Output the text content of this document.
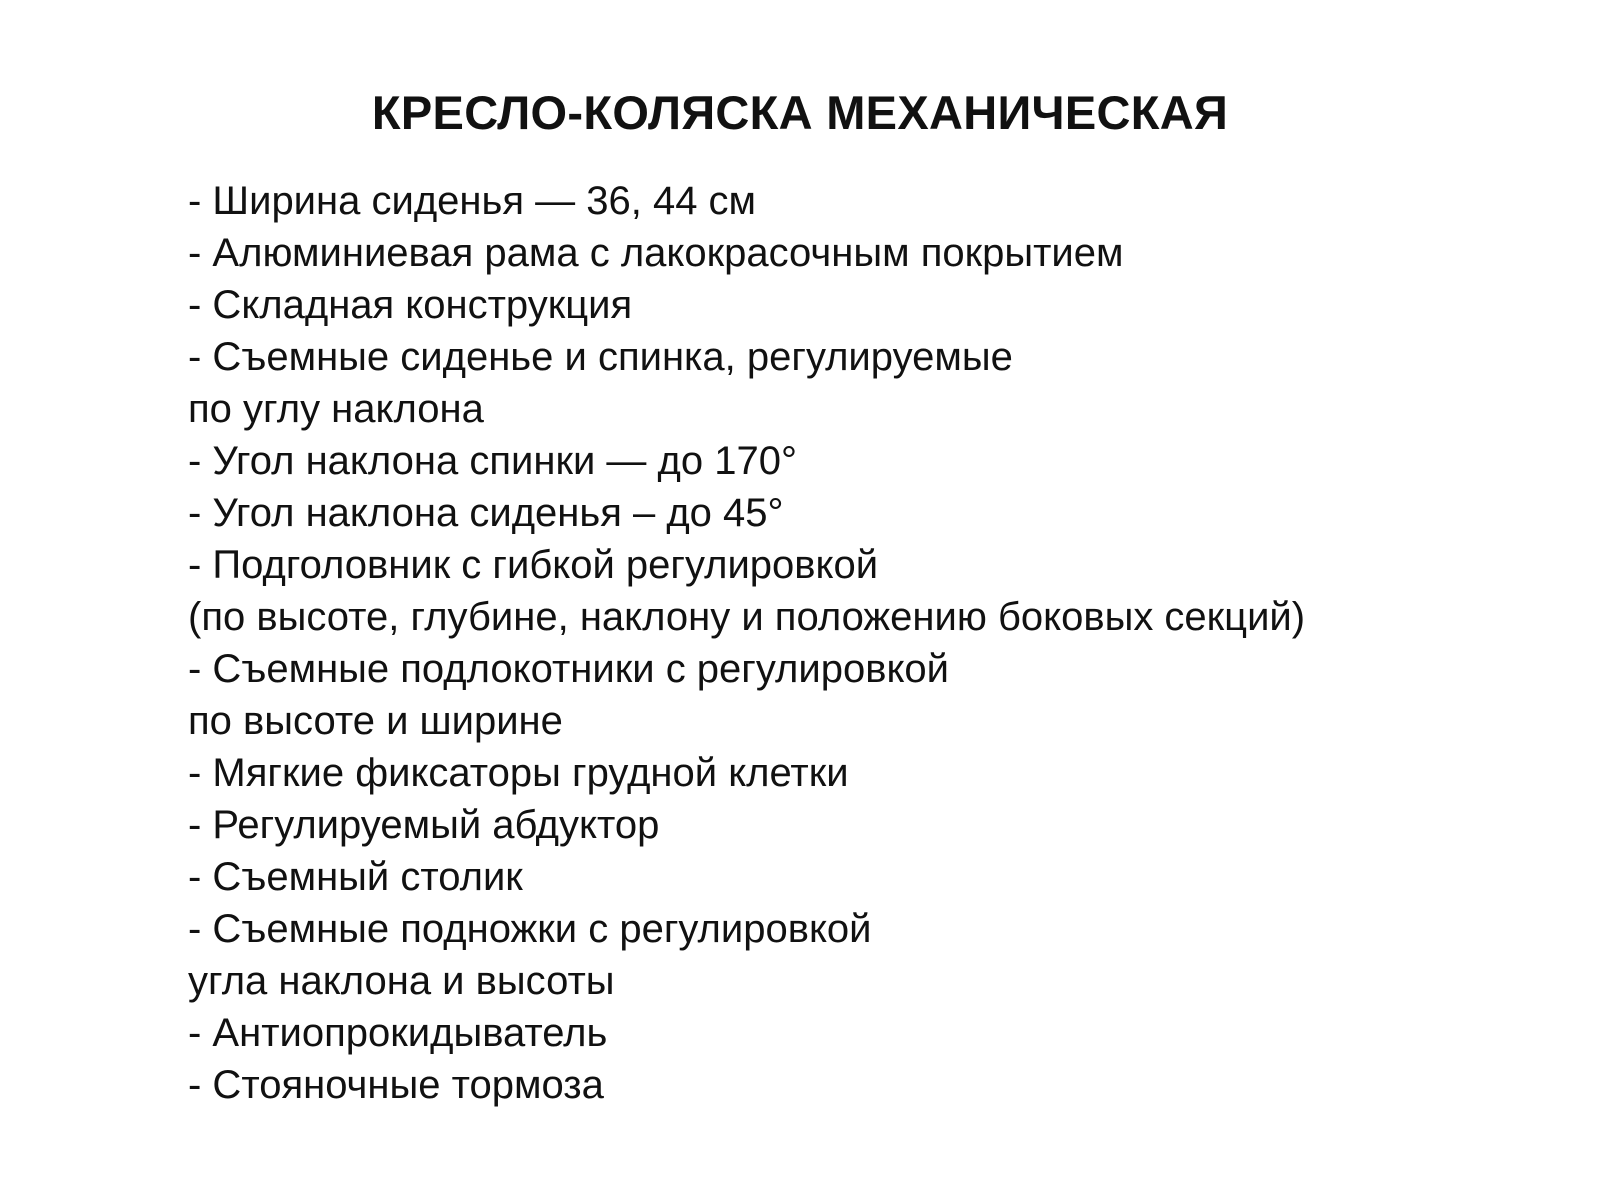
КРЕСЛО-КОЛЯСКА МЕХАНИЧЕСКАЯ
- Ширина сиденья — 36, 44 см
- Алюминиевая рама с лакокрасочным покрытием
- Складная конструкция
- Съемные сиденье и спинка, регулируемые
по углу наклона
- Угол наклона спинки — до 170°
- Угол наклона сиденья – до 45°
- Подголовник с гибкой регулировкой
(по высоте, глубине, наклону и положению боковых секций)
- Съемные подлокотники с регулировкой
по высоте и ширине
- Мягкие фиксаторы грудной клетки
- Регулируемый абдуктор
- Съемный столик
- Съемные подножки с регулировкой
угла наклона и высоты
- Антиопрокидыватель
- Стояночные тормоза
